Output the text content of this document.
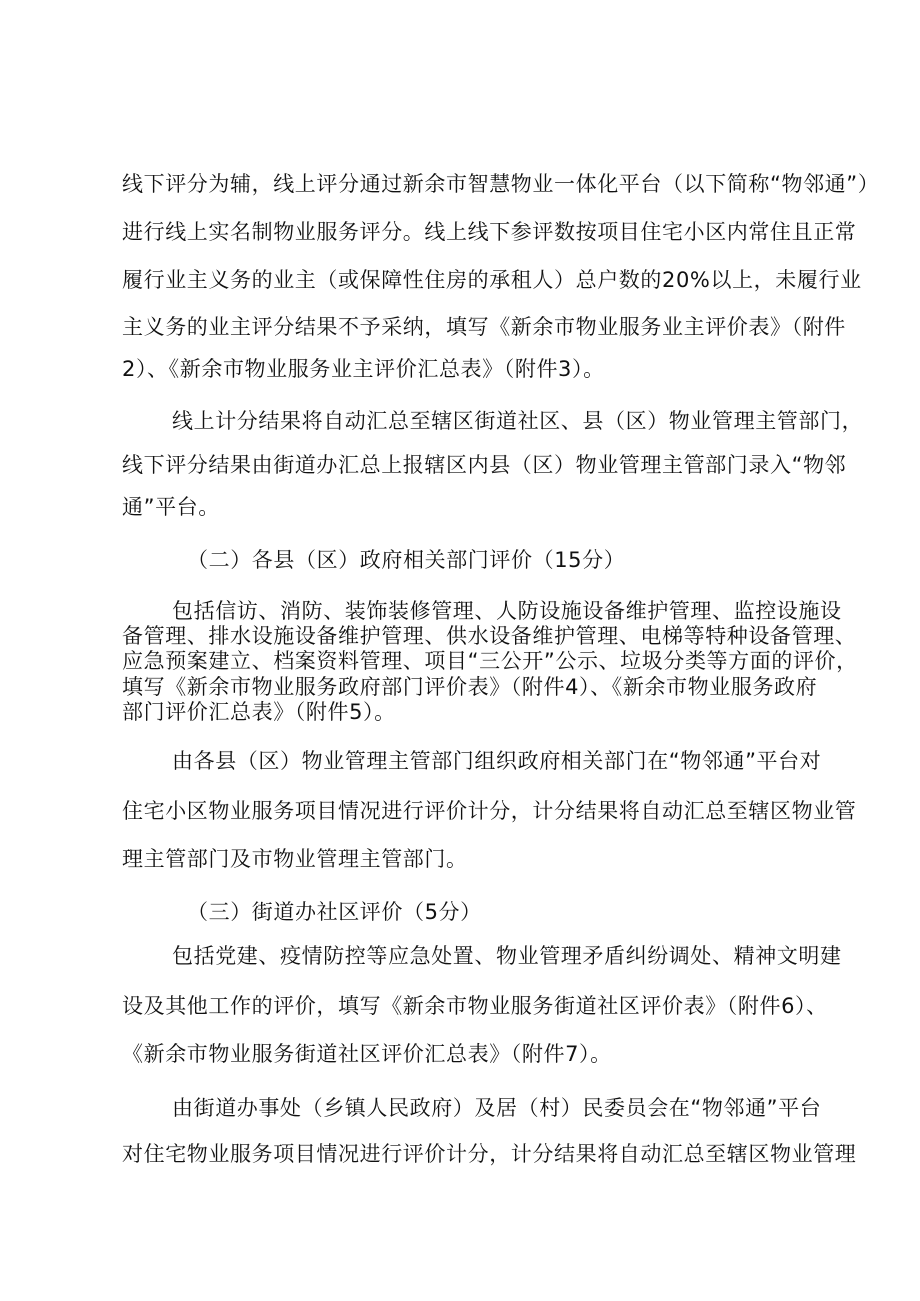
线下评分为辅，线上评分通过新余市智慧物业一体化平台（以下简称“物邻通”）
进行线上实名制物业服务评分。线上线下参评数按项目住宅小区内常住且正常
履行业主义务的业主（或保障性住房的承租人）总户数的20%以上，未履行业
主义务的业主评分结果不予采纳，填写《新余市物业服务业主评价表》（附件
2）、《新余市物业服务业主评价汇总表》（附件3）。
线上计分结果将自动汇总至辖区街道社区、县（区）物业管理主管部门，
线下评分结果由街道办汇总上报辖区内县（区）物业管理主管部门录入“物邻
通”平台。
（二）各县（区）政府相关部门评价（15分）
包括信访、消防、装饰装修管理、人防设施设备维护管理、监控设施设
备管理、排水设施设备维护管理、供水设备维护管理、电梯等特种设备管理、
应急预案建立、档案资料管理、项目“三公开”公示、垃圾分类等方面的评价，
填写《新余市物业服务政府部门评价表》（附件4）、《新余市物业服务政府
部门评价汇总表》（附件5）。
由各县（区）物业管理主管部门组织政府相关部门在“物邻通”平台对
住宅小区物业服务项目情况进行评价计分，计分结果将自动汇总至辖区物业管
理主管部门及市物业管理主管部门。
（三）街道办社区评价（5分）
包括党建、疫情防控等应急处置、物业管理矛盾纠纷调处、精神文明建
设及其他工作的评价，填写《新余市物业服务街道社区评价表》（附件6）、
《新余市物业服务街道社区评价汇总表》（附件7）。
由街道办事处（乡镇人民政府）及居（村）民委员会在“物邻通”平台
对住宅物业服务项目情况进行评价计分，计分结果将自动汇总至辖区物业管理
